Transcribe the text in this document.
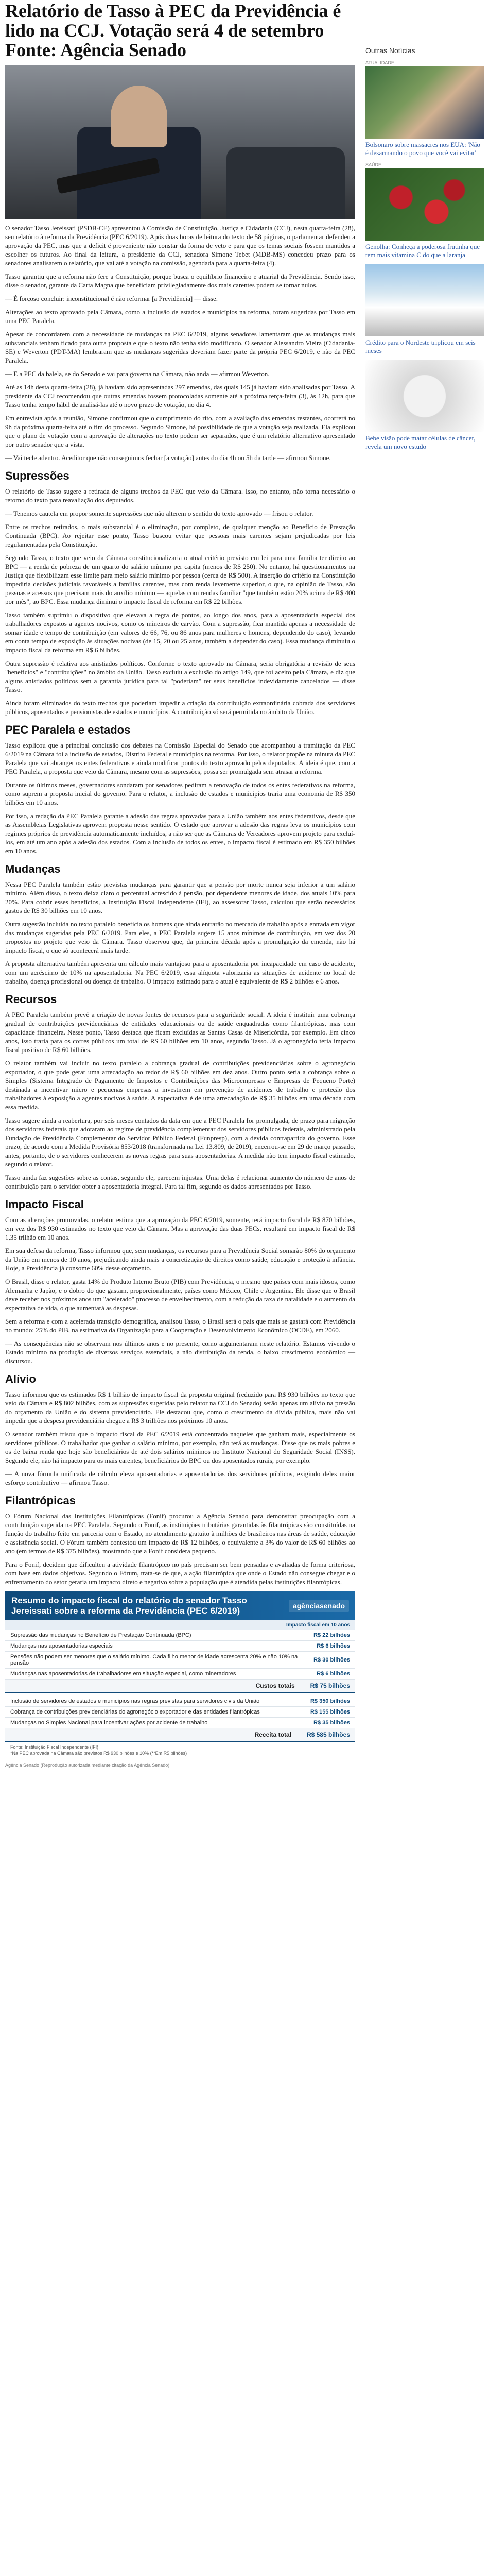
Relatório de Tasso à PEC da Previdência é lido na CCJ. Votação será 4 de setembro Fonte: Agência Senado

O senador Tasso Jereissati (PSDB-CE) apresentou à Comissão de Constituição, Justiça e Cidadania (CCJ), nesta quarta-feira (28), seu relatório à reforma da Previdência (PEC 6/2019). Após duas horas de leitura do texto de 58 páginas, o parlamentar defendeu a aprovação da PEC, mas que a deficit é proveniente não constar da forma de veto e para que os temas sociais fossem mantidos a escolher os futuros. Ao final da leitura, a presidente da CCJ, senadora Simone Tebet (MDB-MS) concedeu prazo para os senadores analisarem o relatório, que vai até a votação na comissão, agendada para a quarta-feira (4).

Tasso garantiu que a reforma não fere a Constituição, porque busca o equilíbrio financeiro e atuarial da Previdência. Sendo isso, disse o senador, garante da Carta Magna que beneficiam privilegiadamente dos mais carentes podem se tornar nulos.

— É forçoso concluir: inconstitucional é não reformar [a Previdência] — disse.

Alterações ao texto aprovado pela Câmara, como a inclusão de estados e municípios na reforma, foram sugeridas por Tasso em uma PEC Paralela.

Apesar de concordarem com a necessidade de mudanças na PEC 6/2019, alguns senadores lamentaram que as mudanças mais substanciais tenham ficado para outra proposta e que o texto não tenha sido modificado. O senador Alessandro Vieira (Cidadania-SE) e Weverton (PDT-MA) lembraram que as mudanças sugeridas deveriam fazer parte da própria PEC 6/2019, e não da PEC Paralela.

— E a PEC da balela, se do Senado e vai para governa na Câmara, não anda — afirmou Weverton.

Até as 14h desta quarta-feira (28), já haviam sido apresentadas 297 emendas, das quais 145 já haviam sido analisadas por Tasso. A presidente da CCJ recomendou que outras emendas fossem protocoladas somente até a próxima terça-feira (3), às 12h, para que Tasso tenha tempo hábil de analisá-las até o novo prazo de votação, no dia 4.

Em entrevista após a reunião, Simone confirmou que o cumprimento do rito, com a avaliação das emendas restantes, ocorrerá no 9h da próxima quarta-feira até o fim do processo. Segundo Simone, há possibilidade de que a votação seja realizada. Ela explicou que o plano de votação com a aprovação de alterações no texto podem ser separados, que é um relatório alternativo apresentado por outro senador que a vista.

— Vai tecle adentro. Aceditor que não conseguimos fechar [a votação] antes do dia 4h ou 5h da tarde — afirmou Simone.

Supressões

O relatório de Tasso sugere a retirada de alguns trechos da PEC que veio da Câmara. Isso, no entanto, não torna necessário o retorno do texto para reavaliação dos deputados.

— Tenemos cautela em propor somente supressões que não alterem o sentido do texto aprovado — frisou o relator.

Entre os trechos retirados, o mais substancial é o eliminação, por completo, de qualquer menção ao Benefício de Prestação Continuada (BPC). Ao rejeitar esse ponto, Tasso buscou evitar que pessoas mais carentes sejam prejudicadas por leis regulamentadas pela Constituição.

Segundo Tasso, o texto que veio da Câmara constitucionalizaria o atual critério previsto em lei para uma família ter direito ao BPC — a renda de pobreza de um quarto do salário mínimo per capita (menos de R$ 250). No entanto, há questionamentos na Justiça que flexibilizam esse limite para meio salário mínimo por pessoa (cerca de R$ 500). A inserção do critério na Constituição impediria decisões judiciais favoráveis a famílias carentes, mas com renda levemente superior, o que, na opinião de Tasso, são pessoas e acessos que precisam mais do auxílio mínimo — aquelas com rendas familiar "que também estão 20% acima de R$ 400 por mês", ao BPC. Essa mudança diminui o impacto fiscal de reforma em R$ 22 bilhões.

Tasso também suprimiu o dispositivo que elevava a regra de pontos, ao longo dos anos, para a aposentadoria especial dos trabalhadores expostos a agentes nocivos, como os mineiros de carvão. Com a supressão, fica mantida apenas a necessidade de somar idade e tempo de contribuição (em valores de 66, 76, ou 86 anos para mulheres e homens, dependendo do caso), levando em conta tempo de exposição às situações nocivas (de 15, 20 ou 25 anos, também a depender do caso). Essa mudança diminuiu o impacto fiscal da reforma em R$ 6 bilhões.

Outra supressão é relativa aos anistiados políticos. Conforme o texto aprovado na Câmara, seria obrigatória a revisão de seus "benefícios" e "contribuições" no âmbito da União. Tasso excluiu a exclusão do artigo 149, que foi aceito pela Câmara, e diz que alguns anistiados políticos sem a garantia jurídica para tal "poderiam" ter seus benefícios indevidamente cancelados — disse Tasso.

Ainda foram eliminados do texto trechos que poderiam impedir a criação da contribuição extraordinária cobrada dos servidores públicos, aposentados e pensionistas de estados e municípios. A contribuição só será permitida no âmbito da União.

PEC Paralela e estados

Tasso explicou que a principal conclusão dos debates na Comissão Especial do Senado que acompanhou a tramitação da PEC 6/2019 na Câmara foi a inclusão de estados, Distrito Federal e municípios na reforma. Por isso, o relator propõe na minuta da PEC Paralela que vai abranger os entes federativos e ainda modificar pontos do texto aprovado pelos deputados. A ideia é que, com a PEC Paralela, a proposta que veio da Câmara, mesmo com as supressões, possa ser promulgada sem atrasar a reforma.

Durante os últimos meses, governadores sondaram por senadores pediram a renovação de todos os entes federativos na reforma, como suprem a proposta inicial do governo. Para o relator, a inclusão de estados e municípios traria uma economia de R$ 350 bilhões em 10 anos.

Por isso, a redação da PEC Paralela garante a adesão das regras aprovadas para a União também aos entes federativos, desde que as Assembleias Legislativas aprovem proposta nesse sentido. O estado que aprovar a adesão das regras leva os municípios com regimes próprios de previdência automaticamente incluídos, a não ser que as Câmaras de Vereadores aprovem projeto para excluí-los, em até um ano após a adesão dos estados. Com a inclusão de todos os entes, o impacto fiscal é estimado em R$ 350 bilhões em 10 anos.

Mudanças

Nessa PEC Paralela também estão previstas mudanças para garantir que a pensão por morte nunca seja inferior a um salário mínimo. Além disso, o texto deixa claro o percentual acrescido à pensão, por dependente menores de idade, dos atuais 10% para 20%. Para cobrir esses benefícios, a Instituição Fiscal Independente (IFI), ao assessorar Tasso, calculou que serão necessários gastos de R$ 30 bilhões em 10 anos.

Outra sugestão incluída no texto paralelo beneficia os homens que ainda entrarão no mercado de trabalho após a entrada em vigor das mudanças sugeridas pela PEC 6/2019. Para eles, a PEC Paralela sugere 15 anos mínimos de contribuição, em vez dos 20 propostos no projeto que veio da Câmara. Tasso observou que, da primeira década após a promulgação da emenda, não há impacto fiscal, o que só acontecerá mais tarde.

A proposta alternativa também apresenta um cálculo mais vantajoso para a aposentadoria por incapacidade em caso de acidente, com um acréscimo de 10% na aposentadoria. Na PEC 6/2019, essa alíquota valorizaria as situações de acidente no local de trabalho, doença profissional ou doença de trabalho. O impacto estimado para o atual é equivalente de R$ 2 bilhões e 6 anos.

Recursos

A PEC Paralela também prevê a criação de novas fontes de recursos para a seguridade social. A ideia é instituir uma cobrança gradual de contribuições previdenciárias de entidades educacionais ou de saúde enquadradas como filantrópicas, mas com capacidade financeira. Nesse ponto, Tasso destaca que ficam excluídas as Santas Casas de Misericórdia, por exemplo. Em cinco anos, isso traria para os cofres públicos um total de R$ 60 bilhões em 10 anos, segundo Tasso. Já o agronegócio teria impacto fiscal positivo de R$ 60 bilhões.

O relator também vai incluir no texto paralelo a cobrança gradual de contribuições previdenciárias sobre o agronegócio exportador, o que pode gerar uma arrecadação ao redor de R$ 60 bilhões em dez anos. Outro ponto seria a cobrança sobre o Simples (Sistema Integrado de Pagamento de Impostos e Contribuições das Microempresas e Empresas de Pequeno Porte) destinada a incentivar micro e pequenas empresas a investirem em prevenção de acidentes de trabalho e proteção dos trabalhadores à exposição a agentes nocivos à saúde. A expectativa é de uma arrecadação de R$ 35 bilhões em uma década com essa medida.

Tasso sugere ainda a reabertura, por seis meses contados da data em que a PEC Paralela for promulgada, de prazo para migração dos servidores federais que adotaram ao regime de previdência complementar dos servidores públicos federais, administrado pela Fundação de Previdência Complementar do Servidor Público Federal (Funpresp), com a devida contrapartida do governo. Esse prazo, de acordo com a Medida Provisória 853/2018 (transformada na Lei 13.809, de 2019), encerrou-se em 29 de março passado, antes, portanto, de o servidores conhecerem as novas regras para suas aposentadorias. A medida não tem impacto fiscal estimado, segundo o relator.

Tasso ainda faz sugestões sobre as contas, segundo ele, parecem injustas. Uma delas é relacionar aumento do número de anos de contribuição para o servidor obter a aposentadoria integral. Para tal fim, segundo os dados apresentados por Tasso.

Impacto Fiscal

Com as alterações promovidas, o relator estima que a aprovação da PEC 6/2019, somente, terá impacto fiscal de R$ 870 bilhões, em vez dos R$ 930 estimados no texto que veio da Câmara. Mas a aprovação das duas PECs, resultará em impacto fiscal de R$ 1,35 trilhão em 10 anos.

Em sua defesa da reforma, Tasso informou que, sem mudanças, os recursos para a Previdência Social somarão 80% do orçamento da União em menos de 10 anos, prejudicando ainda mais a concretização de direitos como saúde, educação e proteção à infância. Hoje, a Previdência já consome 60% desse orçamento.

O Brasil, disse o relator, gasta 14% do Produto Interno Bruto (PIB) com Previdência, o mesmo que países com mais idosos, como Alemanha e Japão, e o dobro do que gastam, proporcionalmente, países como México, Chile e Argentina. Ele disse que o Brasil deve receber nos próximos anos um "acelerado" processo de envelhecimento, com a redução da taxa de natalidade e o aumento da expectativa de vida, o que aumentará as despesas.

Sem a reforma e com a acelerada transição demográfica, analisou Tasso, o Brasil será o país que mais se gastará com Previdência no mundo: 25% do PIB, na estimativa da Organização para a Cooperação e Desenvolvimento Econômico (OCDE), em 2060.

— As consequências não se observam nos últimos anos e no presente, como argumentaram neste relatório. Estamos vivendo o Estado mínimo na produção de diversos serviços essenciais, a não distribuição da renda, o baixo crescimento econômico — discursou.

Alívio

Tasso informou que os estimados R$ 1 bilhão de impacto fiscal da proposta original (reduzido para R$ 930 bilhões no texto que veio da Câmara e R$ 802 bilhões, com as supressões sugeridas pelo relator na CCJ do Senado) serão apenas um alívio na pressão do orçamento da União e do sistema previdenciário. Ele destacou que, como o crescimento da dívida pública, mais não vai impedir que a despesa previdenciária chegue a R$ 3 trilhões nos próximos 10 anos.

O senador também frisou que o impacto fiscal da PEC 6/2019 está concentrado naqueles que ganham mais, especialmente os servidores públicos. O trabalhador que ganhar o salário mínimo, por exemplo, não terá as mudanças. Disse que os mais pobres e os de baixa renda que hoje são beneficiários de até dois salários mínimos no Instituto Nacional do Seguridade Social (INSS). Segundo ele, não há impacto para os mais carentes, beneficiários do BPC ou dos aposentados rurais, por exemplo.

— A nova fórmula unificada de cálculo eleva aposentadorias e aposentadorias dos servidores públicos, exigindo deles maior esforço contributivo — afirmou Tasso.

Filantrópicas

O Fórum Nacional das Instituições Filantrópicas (Fonif) procurou a Agência Senado para demonstrar preocupação com a contribuição sugerida na PEC Paralela. Segundo o Fonif, as instituições tributárias garantidas às filantrópicas são constituídas na função do trabalho feito em parceria com o Estado, no atendimento gratuito à milhões de brasileiros nas áreas de saúde, educação e assistência social. O Fórum também contestou um impacto de R$ 12 bilhões, o equivalente a 3% do valor de R$ 60 bilhões ao ano (em termos de R$ 375 bilhões), mostrando que a Fonif considera pequeno.

Para o Fonif, decidem que dificulten a atividade filantrópico no país precisam ser bem pensadas e avaliadas de forma criteriosa, com base em dados objetivos. Segundo o Fórum, trata-se de que, a ação filantrópica que onde o Estado não consegue chegar e o enfrentamento do setor geraria um impacto direto e negativo sobre a população que é atendida pelas instituições filantrópicas.

Resumo do impacto fiscal do relatório do senador Tasso Jereissati sobre a reforma da Previdência (PEC 6/2019)	agênciasenado
Impacto fiscal em 10 anos
Supressão das mudanças no Benefício de Prestação Continuada (BPC)	R$ 22 bilhões
Mudanças nas aposentadorias especiais	R$ 6 bilhões
Pensões não podem ser menores que o salário mínimo. Cada filho menor de idade acrescenta 20% e não 10% na pensão	R$ 30 bilhões
Mudanças nas aposentadorias de trabalhadores em situação especial, como mineradores	R$ 6 bilhões
Custos totais	R$ 75 bilhões
Inclusão de servidores de estados e municípios nas regras previstas para servidores civis da União	R$ 350 bilhões
Cobrança de contribuições previdenciárias do agronegócio exportador e das entidades filantrópicas	R$ 155 bilhões
Mudanças no Simples Nacional para incentivar ações por acidente de trabalho	R$ 35 bilhões
Receita total	R$ 585 bilhões
Fonte: Instituição Fiscal Independente (IFI)
*Na PEC aprovada na Câmara são previstos R$ 930 bilhões e 10% (**Em R$ bilhões)
Agência Senado (Reprodução autorizada mediante citação da Agência Senado)
Outras Notícias
ATUALIDADE
Bolsonaro sobre massacres nos EUA: 'Não é desarmando o povo que você vai evitar'
SAÚDE
Genolha: Conheça a poderosa frutinha que tem mais vitamina C do que a laranja
Crédito para o Nordeste triplicou em seis meses
Bebe visão pode matar células de câncer, revela um novo estudo
